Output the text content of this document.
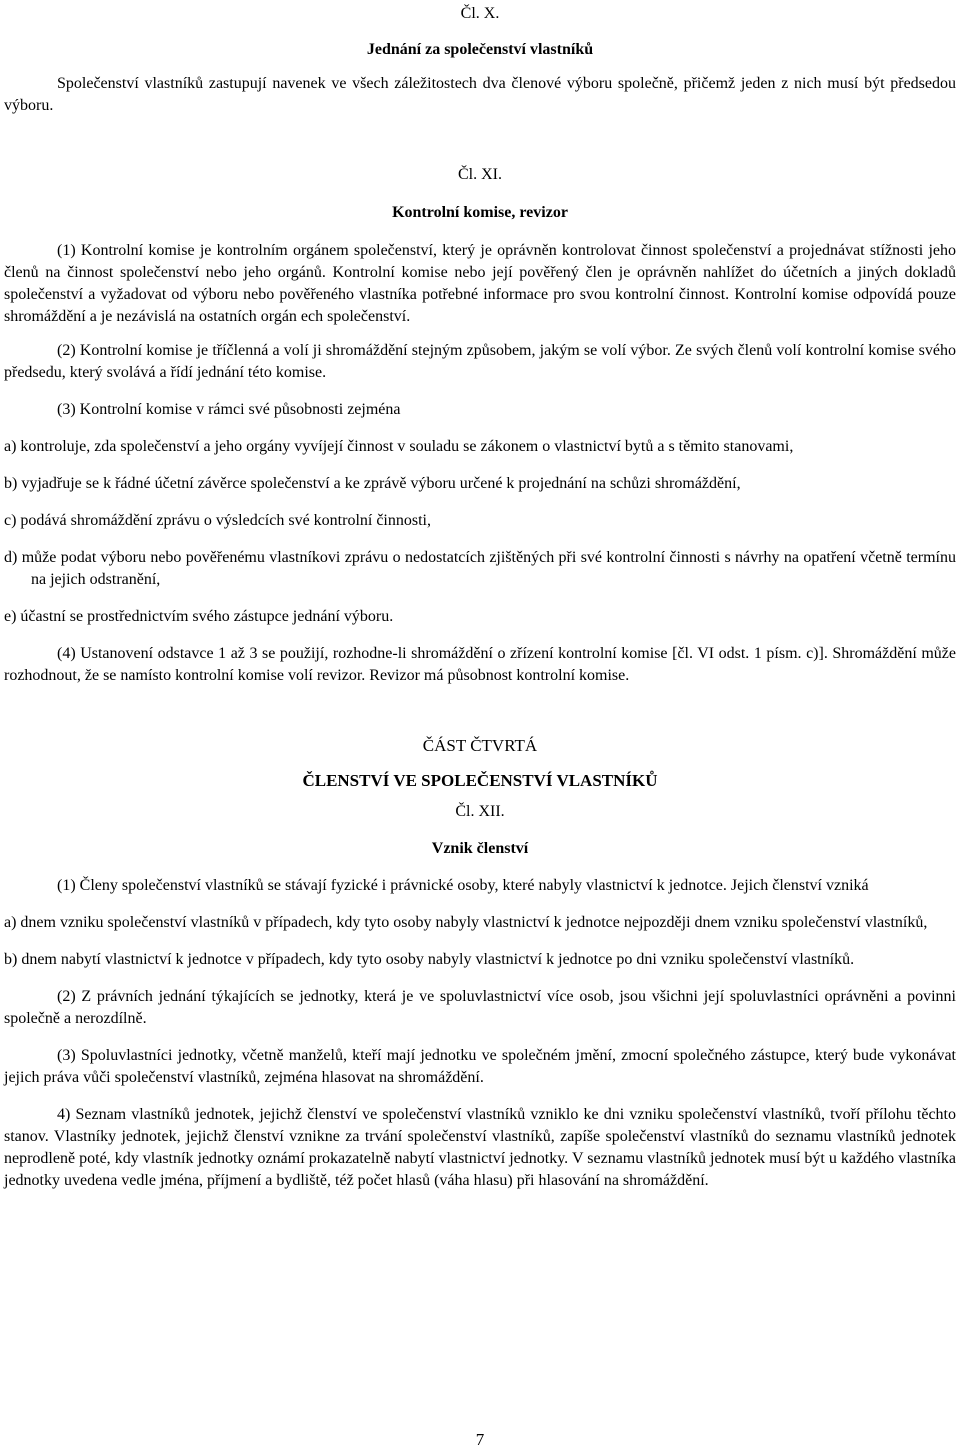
Čl. X.

Jednání za společenství vlastníků

Společenství vlastníků zastupují navenek ve všech záležitostech dva členové výboru společně, přičemž jeden z nich musí být předsedou výboru.

Čl. XI.

Kontrolní komise, revizor

(1) Kontrolní komise je kontrolním orgánem společenství, který je oprávněn kontrolovat činnost společenství a projednávat stížnosti jeho členů na činnost společenství nebo jeho orgánů. Kontrolní komise nebo její pověřený člen je oprávněn nahlížet do účetních a jiných dokladů společenství a vyžadovat od výboru nebo pověřeného vlastníka potřebné informace pro svou kontrolní činnost. Kontrolní komise odpovídá pouze shromáždění a je nezávislá na ostatních orgán ech společenství.

(2) Kontrolní komise je tříčlenná a volí ji shromáždění stejným způsobem, jakým se volí výbor. Ze svých členů volí kontrolní komise svého předsedu, který svolává a řídí jednání této komise.

(3) Kontrolní komise v rámci své působnosti zejména

a) kontroluje, zda společenství a jeho orgány vyvíjejí činnost v souladu se zákonem o vlastnictví bytů a s těmito stanovami,

b) vyjadřuje se k řádné účetní závěrce společenství a ke zprávě výboru určené k projednání na schůzi shromáždění,

c) podává shromáždění zprávu o výsledcích své kontrolní činnosti,

d) může podat výboru nebo pověřenému vlastníkovi zprávu o nedostatcích zjištěných při své kontrolní činnosti s návrhy na opatření včetně termínu na jejich odstranění,

e) účastní se prostřednictvím svého zástupce jednání výboru.

(4) Ustanovení odstavce 1 až 3 se použijí, rozhodne-li shromáždění o zřízení kontrolní komise [čl. VI odst. 1 písm. c)]. Shromáždění může rozhodnout, že se namísto kontrolní komise volí revizor. Revizor má působnost kontrolní komise.

ČÁST ČTVRTÁ

ČLENSTVÍ VE SPOLEČENSTVÍ VLASTNÍKŮ

Čl. XII.

Vznik členství

(1) Členy společenství vlastníků se stávají fyzické i právnické osoby, které nabyly vlastnictví k jednotce. Jejich členství vzniká

a) dnem vzniku společenství vlastníků v případech, kdy tyto osoby nabyly vlastnictví k jednotce nejpozději dnem vzniku společenství vlastníků,

b) dnem nabytí vlastnictví k jednotce v případech, kdy tyto osoby nabyly vlastnictví k jednotce po dni vzniku společenství vlastníků.

(2) Z právních jednání týkajících se jednotky, která je ve spoluvlastnictví více osob, jsou všichni její spoluvlastníci oprávněni a povinni společně a nerozdílně.

(3) Spoluvlastníci jednotky, včetně manželů, kteří mají jednotku ve společném jmění, zmocní společného zástupce, který bude vykonávat jejich práva vůči společenství vlastníků, zejména hlasovat na shromáždění.

4) Seznam vlastníků jednotek, jejichž členství ve společenství vlastníků vzniklo ke dni vzniku společenství vlastníků, tvoří přílohu těchto stanov. Vlastníky jednotek, jejichž členství vznikne za trvání společenství vlastníků, zapíše společenství vlastníků do seznamu vlastníků jednotek neprodleně poté, kdy vlastník jednotky oznámí prokazatelně nabytí vlastnictví jednotky. V seznamu vlastníků jednotek musí být u každého vlastníka jednotky uvedena vedle jména, příjmení a bydliště, též počet hlasů (váha hlasu) při hlasování na shromáždění.

7
